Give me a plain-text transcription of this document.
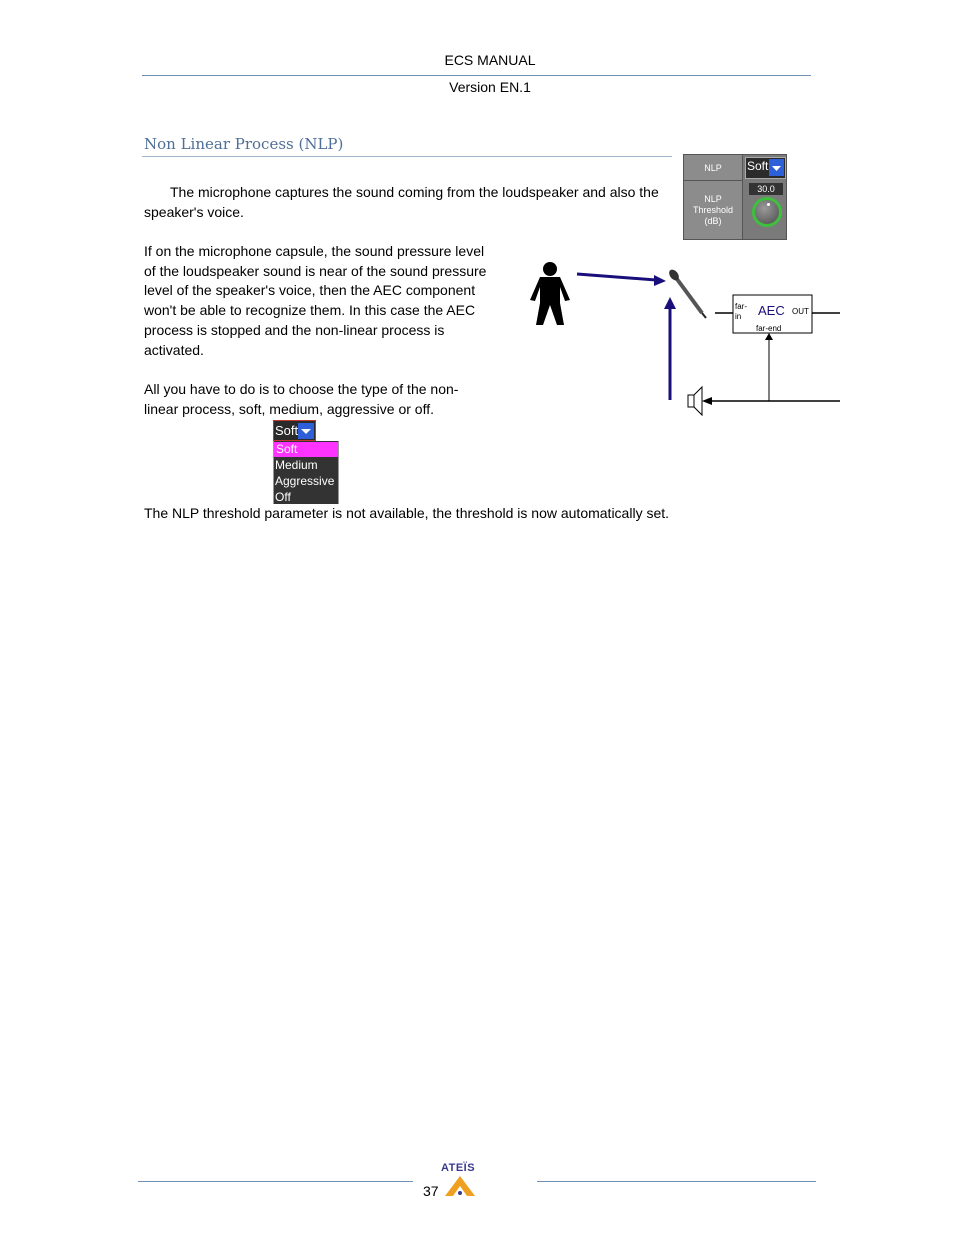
ECS MANUAL
Version EN.1
Non Linear Process (NLP)
The microphone captures the sound coming from the loudspeaker and also the speaker's voice.
If on the microphone capsule, the sound pressure level of the loudspeaker sound is near of the sound pressure level of the speaker's voice, then the AEC component won't be able to recognize them. In this case the AEC process is stopped and the non-linear process is activated.
All you have to do is to choose the type of the non-linear process, soft, medium, aggressive or off.
The NLP threshold parameter is not available, the threshold is now automatically set.
NLP
NLP
Threshold
(dB)
Soft
30.0
far-
in AEC OUT
far-end
Soft
Soft
Medium
Aggressive
Off
ATEÏS
37
